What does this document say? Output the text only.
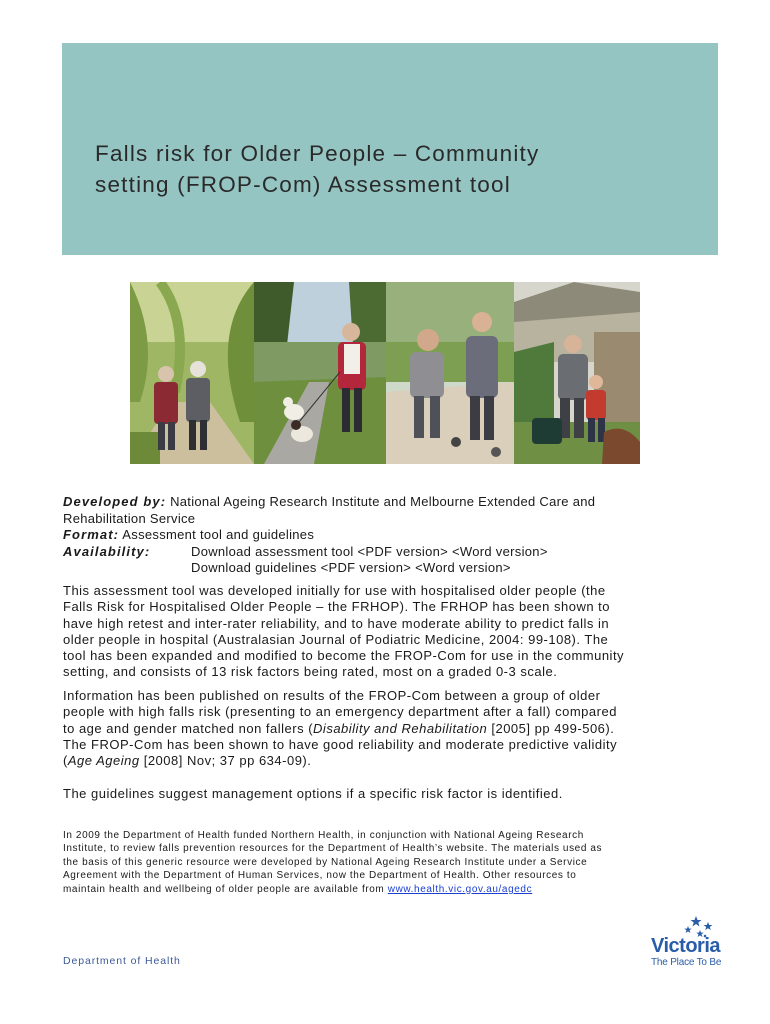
Falls risk for Older People – Community
setting (FROP-Com) Assessment tool
Developed by: National Ageing Research Institute and Melbourne Extended Care and
Rehabilitation Service
Format: Assessment tool and guidelines
Availability:	Download assessment tool <PDF version> <Word version>
Download guidelines <PDF version> <Word version>

This assessment tool was developed initially for use with hospitalised older people (the
Falls Risk for Hospitalised Older People – the FRHOP). The FRHOP has been shown to
have high retest and inter-rater reliability, and to have moderate ability to predict falls in
older people in hospital (Australasian Journal of Podiatric Medicine, 2004: 99-108). The
tool has been expanded and modified to become the FROP-Com for use in the community
setting, and consists of 13 risk factors being rated, most on a graded 0-3 scale.

Information has been published on results of the FROP-Com between a group of older
people with high falls risk (presenting to an emergency department after a fall) compared
to age and gender matched non fallers (Disability and Rehabilitation [2005] pp 499-506).
The FROP-Com has been shown to have good reliability and moderate predictive validity
(Age Ageing [2008] Nov; 37 pp 634-09).

The guidelines suggest management options if a specific risk factor is identified.

In 2009 the Department of Health funded Northern Health, in conjunction with National Ageing Research
Institute, to review falls prevention resources for the Department of Health’s website. The materials used as
the basis of this generic resource were developed by National Ageing Research Institute under a Service
Agreement with the Department of Human Services, now the Department of Health. Other resources to
maintain health and wellbeing of older people are available from www.health.vic.gov.au/agedc

Department of Health
Victoria
The Place To Be
